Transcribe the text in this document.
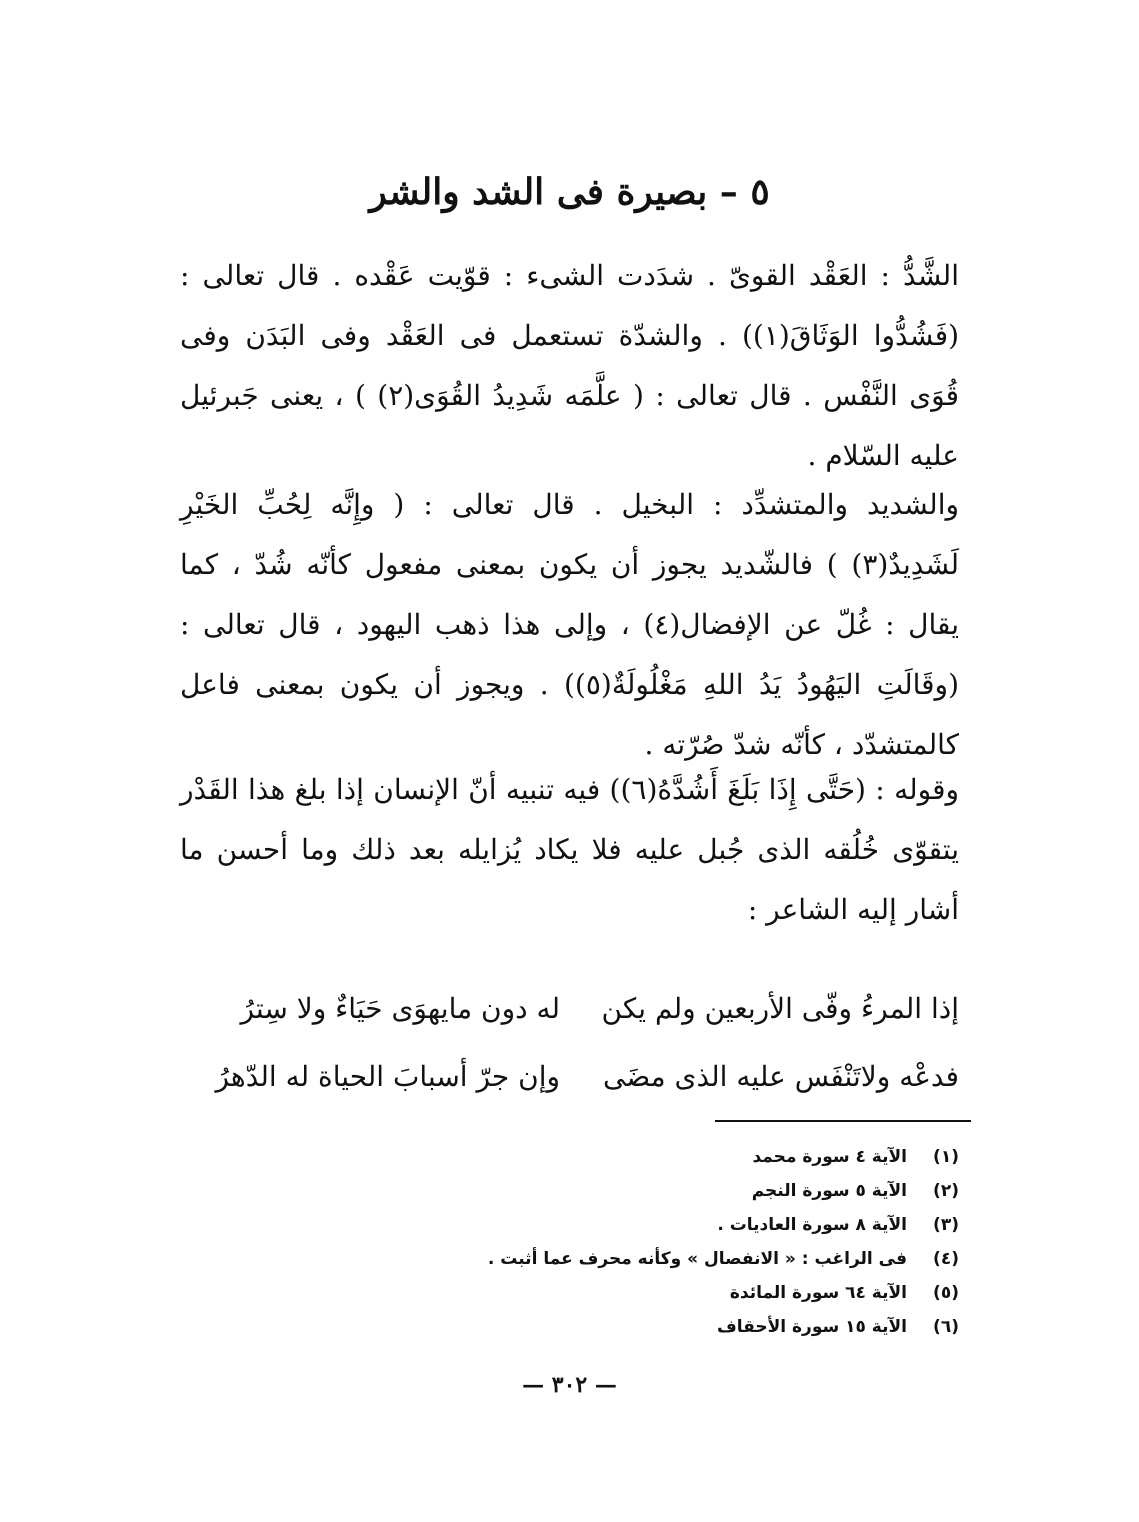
٥ – بصيرة فى الشد والشر

الشَّدُّ : العَقْد القوىّ . شدَدت الشىء : قوّيت عَقْده . قال تعالى : (فَشُدُّوا الوَثَاقَ(١)) . والشدّة تستعمل فى العَقْد وفى البَدَن وفى قُوَى النَّفْس . قال تعالى : ( علَّمَه شَدِيدُ القُوَى(٢) ) ، يعنى جَبرئيل عليه السّلام .

والشديد والمتشدِّد : البخيل . قال تعالى : ( وإِنَّه لِحُبِّ الخَيْرِ لَشَدِيدٌ(٣) ) فالشّديد يجوز أن يكون بمعنى مفعول كأنّه شُدّ ، كما يقال : غُلّ عن الإفضال(٤) ، وإلى هذا ذهب اليهود ، قال تعالى : (وقَالَتِ اليَهُودُ يَدُ اللهِ مَغْلُولَةٌ(٥)) . ويجوز أن يكون بمعنى فاعل كالمتشدّد ، كأنّه شدّ صُرّته .

وقوله : (حَتَّى إِذَا بَلَغَ أَشُدَّهُ(٦)) فيه تنبيه أنّ الإنسان إذا بلغ هذا القَدْر يتقوّى خُلُقه الذى جُبل عليه فلا يكاد يُزايله بعد ذلك وما أحسن ما أشار إليه الشاعر :

إذا المرءُ وفّى الأربعين ولم يكن
له دون مايهوَى حَيَاءٌ ولا سِترُ
فدعْه ولاتَنْفَس عليه الذى مضَى
وإن جرّ أسبابَ الحياة له الدّهرُ
(١)
الآية ٤ سورة محمد
(٢)
الآية ٥ سورة النجم
(٣)
الآية ٨ سورة العاديات .
(٤)
فى الراغب : « الانفصال » وكأنه محرف عما أثبت .
(٥)
الآية ٦٤ سورة المائدة
(٦)
الآية ١٥ سورة الأحقاف
— ٣٠٢ —
